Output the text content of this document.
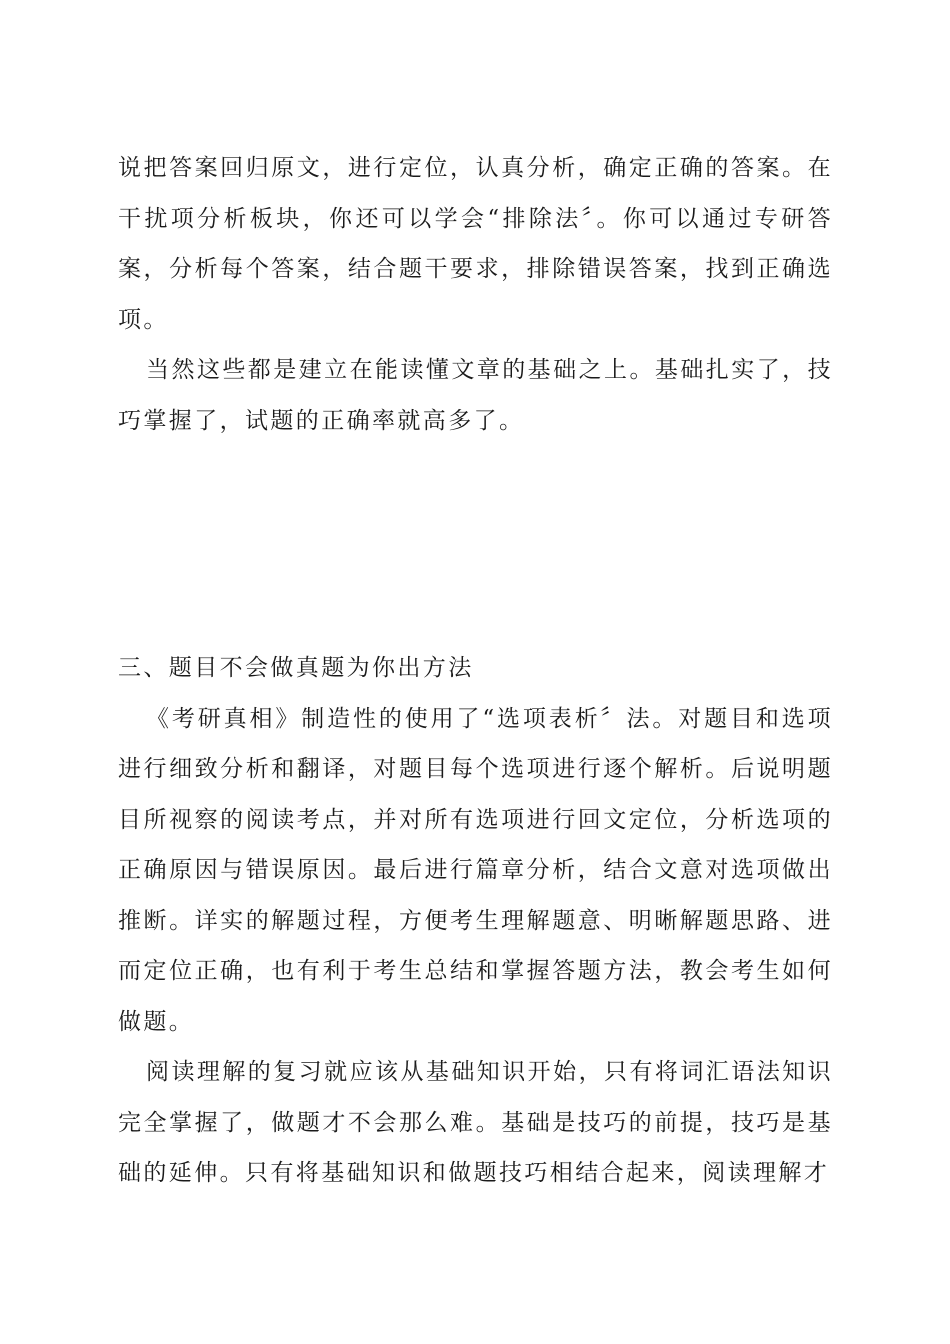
说把答案回归原文，进行定位，认真分析，确定正确的答案。在干扰项分析板块，你还可以学会“排除法〞。你可以通过专研答案，分析每个答案，结合题干要求，排除错误答案，找到正确选项。

当然这些都是建立在能读懂文章的基础之上。基础扎实了，技巧掌握了，试题的正确率就高多了。

三、题目不会做真题为你出方法

《考研真相》制造性的使用了“选项表析〞法。对题目和选项进行细致分析和翻译，对题目每个选项进行逐个解析。后说明题目所视察的阅读考点，并对所有选项进行回文定位，分析选项的正确原因与错误原因。最后进行篇章分析，结合文意对选项做出推断。详实的解题过程，方便考生理解题意、明晰解题思路、进而定位正确，也有利于考生总结和掌握答题方法，教会考生如何做题。

阅读理解的复习就应该从基础知识开始，只有将词汇语法知识完全掌握了，做题才不会那么难。基础是技巧的前提，技巧是基础的延伸。只有将基础知识和做题技巧相结合起来，阅读理解才
